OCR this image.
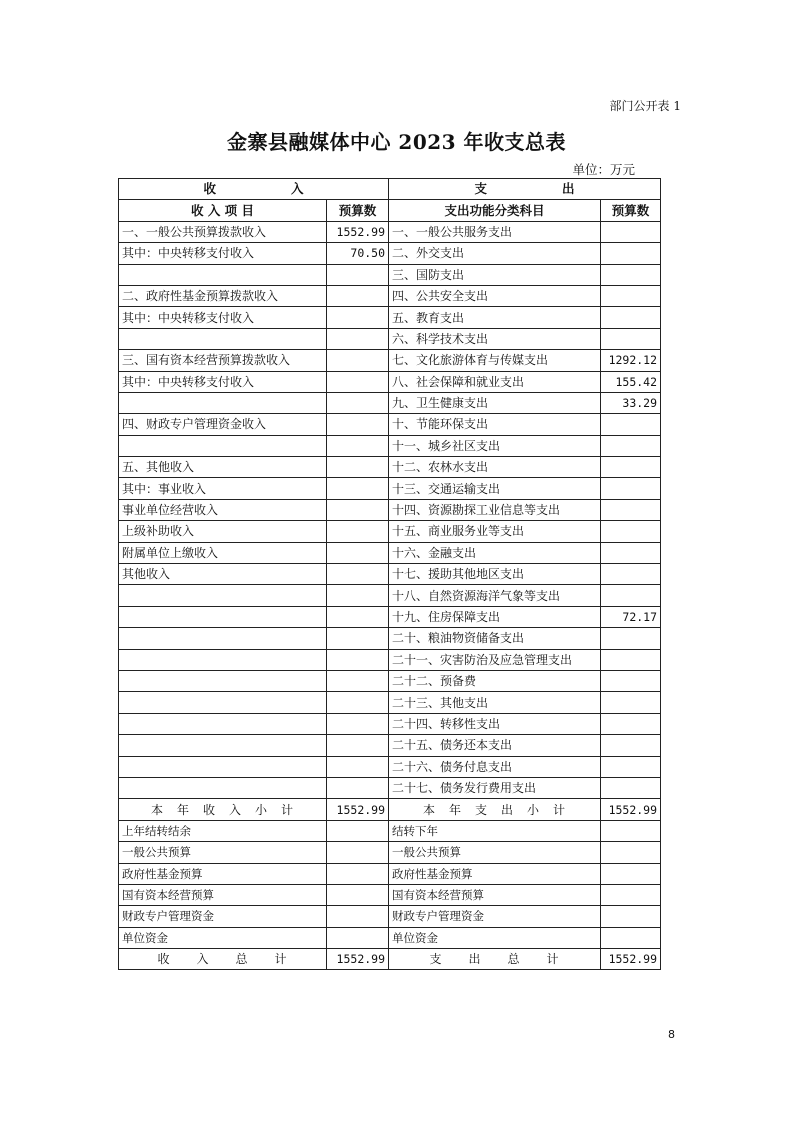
部门公开表 1
金寨县融媒体中心 2023 年收支总表
单位：万元
收　　　　　　入		支　　　　　　出	
收 入 项 目	预算数	支出功能分类科目	预算数
一、一般公共预算拨款收入	1552.99	一、一般公共服务支出	
其中：中央转移支付收入	70.50	二、外交支出	
		三、国防支出	
二、政府性基金预算拨款收入		四、公共安全支出	
其中：中央转移支付收入		五、教育支出	
		六、科学技术支出	
三、国有资本经营预算拨款收入		七、文化旅游体育与传媒支出	1292.12
其中：中央转移支付收入		八、社会保障和就业支出	155.42
		九、卫生健康支出	33.29
四、财政专户管理资金收入		十、节能环保支出	
		十一、城乡社区支出	
五、其他收入		十二、农林水支出	
其中：事业收入		十三、交通运输支出	
事业单位经营收入		十四、资源勘探工业信息等支出	
上级补助收入		十五、商业服务业等支出	
附属单位上缴收入		十六、金融支出	
其他收入		十七、援助其他地区支出	
		十八、自然资源海洋气象等支出	
		十九、住房保障支出	72.17
		二十、粮油物资储备支出	
		二十一、灾害防治及应急管理支出	
		二十二、预备费	
		二十三、其他支出	
		二十四、转移性支出	
		二十五、债务还本支出	
		二十六、债务付息支出	
		二十七、债务发行费用支出	
本　年　收　入　小　计	1552.99	本　年　支　出　小　计	1552.99
上年结转结余		结转下年	
一般公共预算		一般公共预算	
政府性基金预算		政府性基金预算	
国有资本经营预算		国有资本经营预算	
财政专户管理资金		财政专户管理资金	
单位资金		单位资金	
收　　入　　总　　计	1552.99	支　　出　　总　　计	1552.99
8
